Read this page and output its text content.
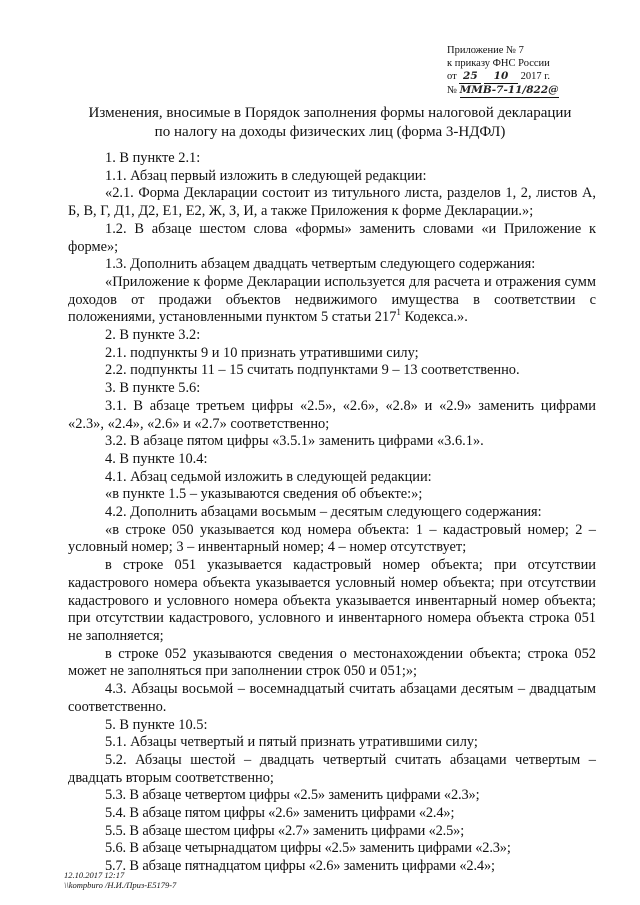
Приложение № 7
к приказу ФНС России
от 25 10 2017 г.
№ ММВ-7-11/822@
Изменения, вносимые в Порядок заполнения формы налоговой декларации
по налогу на доходы физических лиц (форма 3-НДФЛ)

1. В пункте 2.1:

1.1. Абзац первый изложить в следующей редакции:

«2.1. Форма Декларации состоит из титульного листа, разделов 1, 2, листов А, Б, В, Г, Д1, Д2, Е1, Е2, Ж, З, И, а также Приложения к форме Декларации.»;

1.2. В абзаце шестом слова «формы» заменить словами «и Приложение к форме»;

1.3. Дополнить абзацем двадцать четвертым следующего содержания:

«Приложение к форме Декларации используется для расчета и отражения сумм доходов от продажи объектов недвижимого имущества в соответствии с положениями, установленными пунктом 5 статьи $217^1$ Кодекса.».

2. В пункте 3.2:

2.1. подпункты 9 и 10 признать утратившими силу;

2.2. подпункты 11 – 15 считать подпунктами 9 – 13 соответственно.

3. В пункте 5.6:

3.1. В абзаце третьем цифры «2.5», «2.6», «2.8» и «2.9» заменить цифрами «2.3», «2.4», «2.6» и «2.7» соответственно;

3.2. В абзаце пятом цифры «3.5.1» заменить цифрами «3.6.1».

4. В пункте 10.4:

4.1. Абзац седьмой изложить в следующей редакции:

«в пункте 1.5 – указываются сведения об объекте:»;

4.2. Дополнить абзацами восьмым – десятым следующего содержания:

«в строке 050 указывается код номера объекта: 1 – кадастровый номер; 2 – условный номер; 3 – инвентарный номер; 4 – номер отсутствует;

в строке 051 указывается кадастровый номер объекта; при отсутствии кадастрового номера объекта указывается условный номер объекта; при отсутствии кадастрового и условного номера объекта указывается инвентарный номер объекта; при отсутствии кадастрового, условного и инвентарного номера объекта строка 051 не заполняется;

в строке 052 указываются сведения о местонахождении объекта; строка 052 может не заполняться при заполнении строк 050 и 051;»;

4.3. Абзацы восьмой – восемнадцатый считать абзацами десятым – двадцатым соответственно.

5. В пункте 10.5:

5.1. Абзацы четвертый и пятый признать утратившими силу;

5.2. Абзацы шестой – двадцать четвертый считать абзацами четвертым – двадцать вторым соответственно;

5.3. В абзаце четвертом цифры «2.5» заменить цифрами «2.3»;

5.4. В абзаце пятом цифры «2.6» заменить цифрами «2.4»;

5.5. В абзаце шестом цифры «2.7» заменить цифрами «2.5»;

5.6. В абзаце четырнадцатом цифры «2.5» заменить цифрами «2.3»;

5.7. В абзаце пятнадцатом цифры «2.6» заменить цифрами «2.4»;

12.10.2017 12:17
\\kompburo /Н.И./Приз-Е5179-7
